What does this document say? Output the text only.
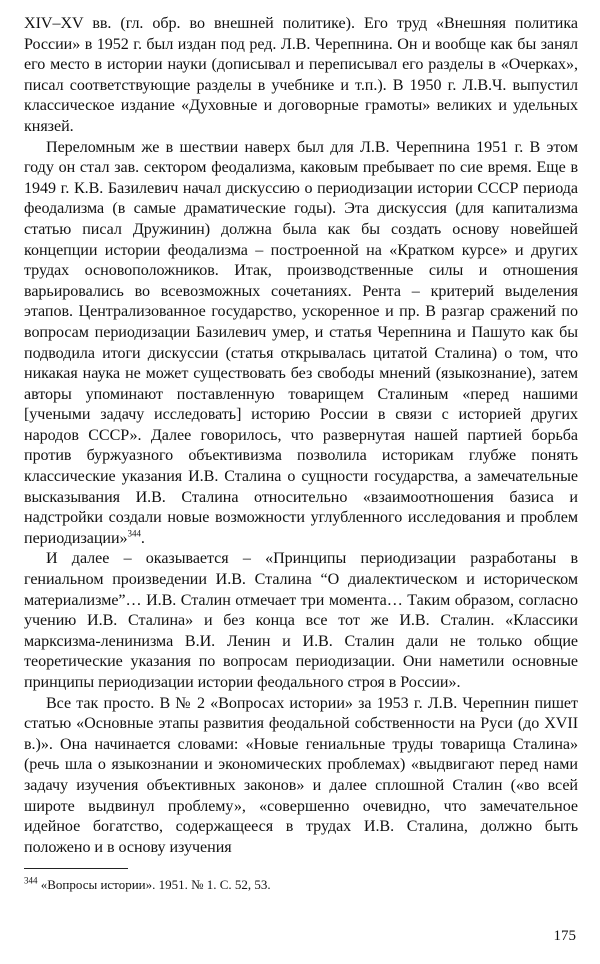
XIV–XV вв. (гл. обр. во внешней политике). Его труд «Внешняя политика России» в 1952 г. был издан под ред. Л.В. Черепнина. Он и вообще как бы занял его место в истории науки (дописывал и переписывал его разделы в «Очерках», писал соответствующие разделы в учебнике и т.п.). В 1950 г. Л.В.Ч. выпустил классическое издание «Духовные и договорные грамоты» великих и удельных князей.

Переломным же в шествии наверх был для Л.В. Черепнина 1951 г. В этом году он стал зав. сектором феодализма, каковым пребывает по сие время. Еще в 1949 г. К.В. Базилевич начал дискуссию о периодизации истории СССР периода феодализма (в самые драматические годы). Эта дискуссия (для капитализма статью писал Дружинин) должна была как бы создать основу новейшей концепции истории феодализма – построенной на «Кратком курсе» и других трудах основоположников. Итак, производственные силы и отношения варьировались во всевозможных сочетаниях. Рента – критерий выделения этапов. Централизованное государство, ускоренное и пр. В разгар сражений по вопросам периодизации Базилевич умер, и статья Черепнина и Пашуто как бы подводила итоги дискуссии (статья открывалась цитатой Сталина) о том, что никакая наука не может существовать без свободы мнений (языкознание), затем авторы упоминают поставленную товарищем Сталиным «перед нашими [учеными задачу исследовать] историю России в связи с историей других народов СССР». Далее говорилось, что развернутая нашей партией борьба против буржуазного объективизма позволила историкам глубже понять классические указания И.В. Сталина о сущности государства, а замечательные высказывания И.В. Сталина относительно «взаимоотношения базиса и надстройки создали новые возможности углубленного исследования и проблем периодизации»$^{344}$.

И далее – оказывается – «Принципы периодизации разработаны в гениальном произведении И.В. Сталина “О диалектическом и историческом материализме”… И.В. Сталин отмечает три момента… Таким образом, согласно учению И.В. Сталина» и без конца все тот же И.В. Сталин. «Классики марксизма-ленинизма В.И. Ленин и И.В. Сталин дали не только общие теоретические указания по вопросам периодизации. Они наметили основные принципы периодизации истории феодального строя в России».

Все так просто. В № 2 «Вопросах истории» за 1953 г. Л.В. Черепнин пишет статью «Основные этапы развития феодальной собственности на Руси (до XVII в.)». Она начинается словами: «Новые гениальные труды товарища Сталина» (речь шла о языкознании и экономических проблемах) «выдвигают перед нами задачу изучения объективных законов» и далее сплошной Сталин («во всей широте выдвинул проблему», «совершенно очевидно, что замечательное идейное богатство, содержащееся в трудах И.В. Сталина, должно быть положено и в основу изучения

$^{344}$ «Вопросы истории». 1951. № 1. С. 52, 53.

175
